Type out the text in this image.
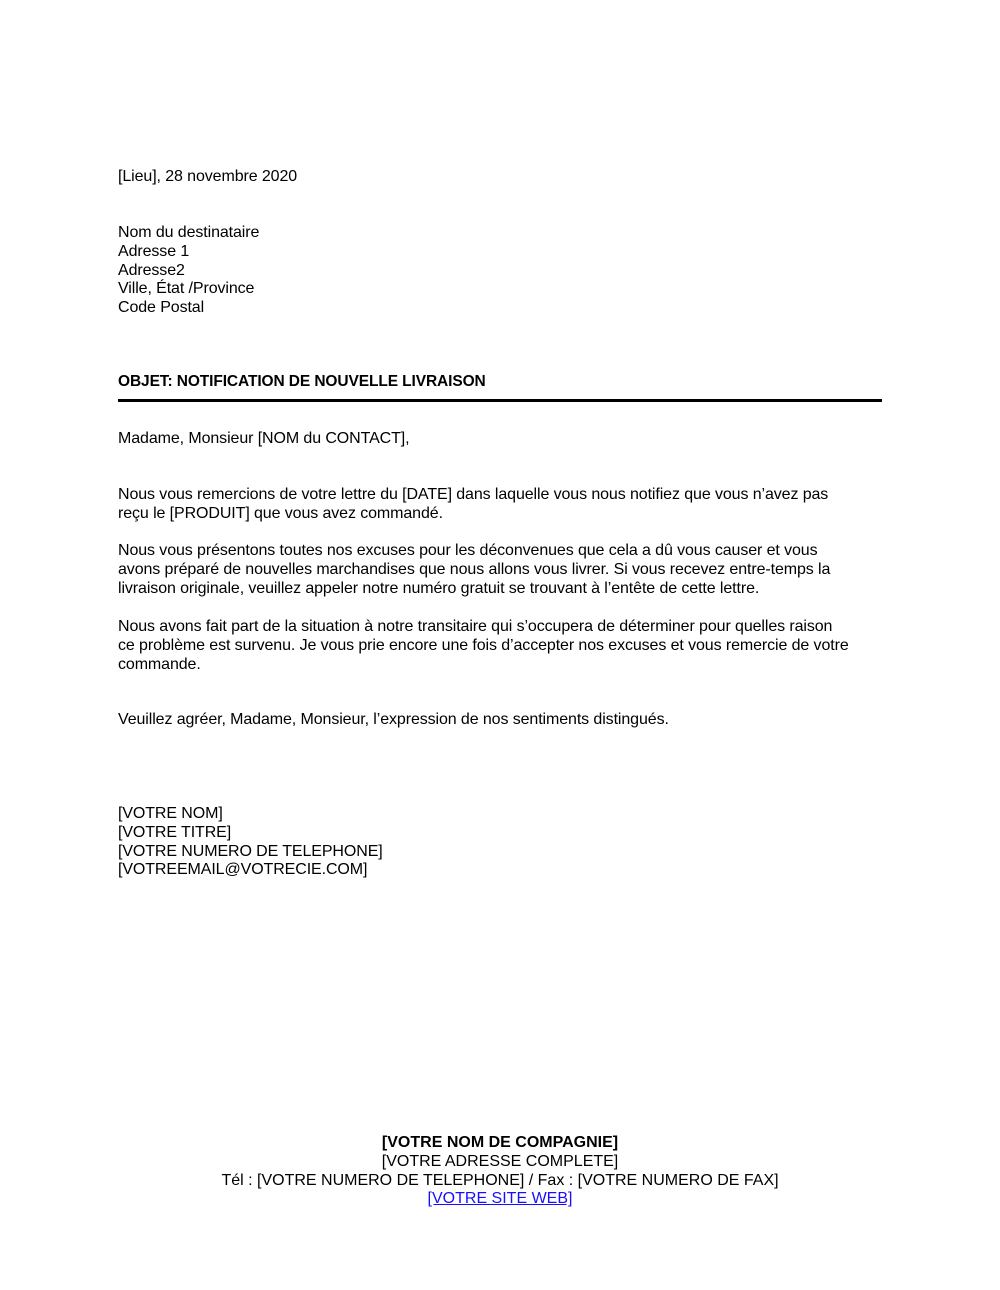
[Lieu], 28 novembre 2020
Nom du destinataire
Adresse 1
Adresse2
Ville, État /Province
Code Postal
OBJET: NOTIFICATION DE NOUVELLE LIVRAISON
Madame, Monsieur [NOM du CONTACT],
Nous vous remercions de votre lettre du [DATE] dans laquelle vous nous notifiez que vous n’avez pas
reçu le [PRODUIT] que vous avez commandé.
Nous vous présentons toutes nos excuses pour les déconvenues que cela a dû vous causer et vous
avons préparé de nouvelles marchandises que nous allons vous livrer. Si vous recevez entre-temps la
livraison originale, veuillez appeler notre numéro gratuit se trouvant à l’entête de cette lettre.
Nous avons fait part de la situation à notre transitaire qui s’occupera de déterminer pour quelles raison
ce problème est survenu. Je vous prie encore une fois d’accepter nos excuses et vous remercie de votre
commande.
Veuillez agréer, Madame, Monsieur, l’expression de nos sentiments distingués.
[VOTRE NOM]
[VOTRE TITRE]
[VOTRE NUMERO DE TELEPHONE]
[VOTREEMAIL@VOTRECIE.COM]
[VOTRE NOM DE COMPAGNIE]
[VOTRE ADRESSE COMPLETE]
Tél : [VOTRE NUMERO DE TELEPHONE] / Fax : [VOTRE NUMERO DE FAX]
[VOTRE SITE WEB]
